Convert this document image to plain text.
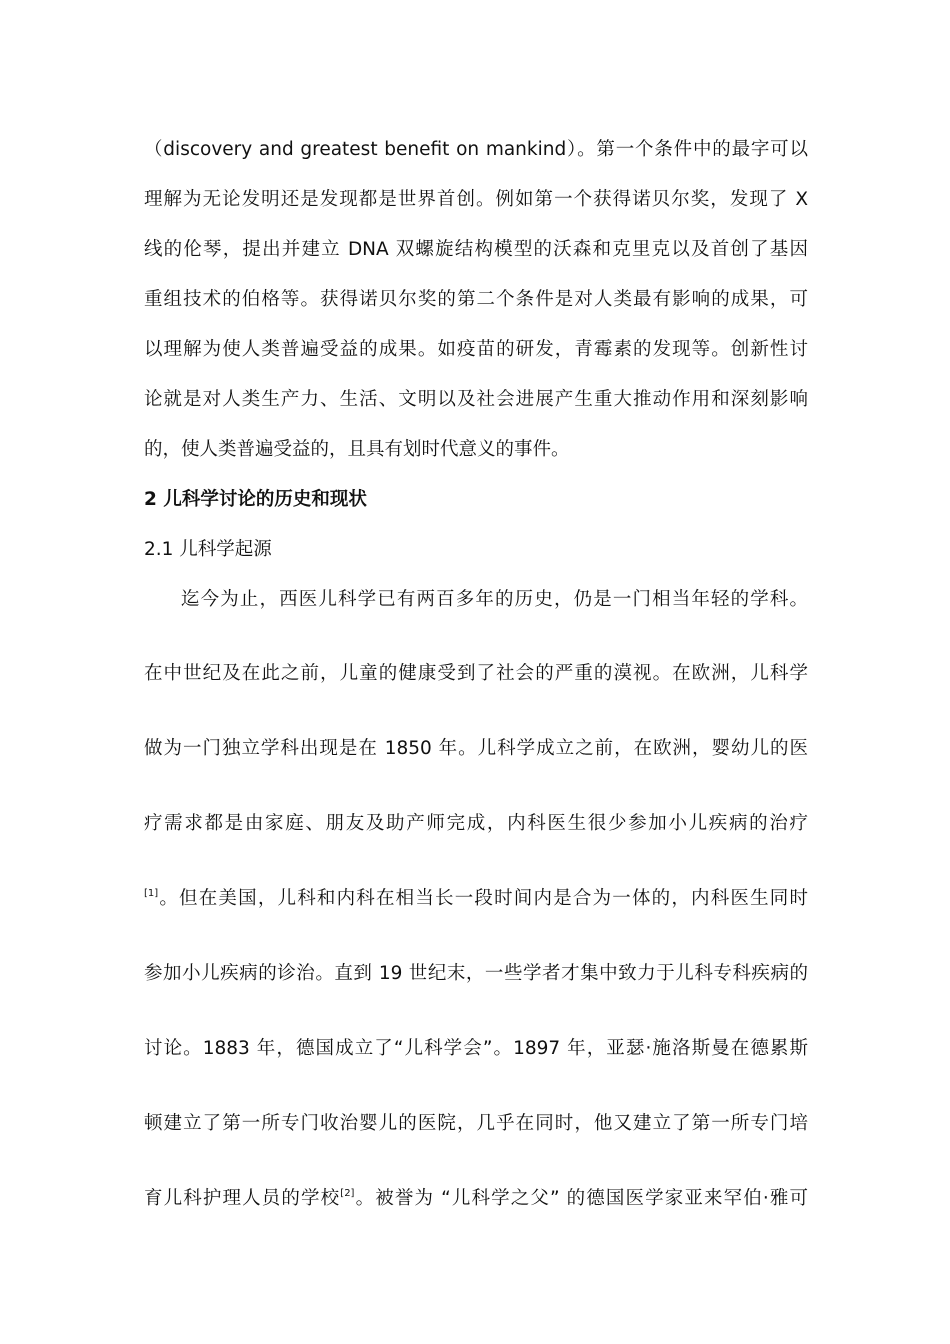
（discovery and greatest benefit on mankind）。第一个条件中的最字可以
理解为无论发明还是发现都是世界首创。例如第一个获得诺贝尔奖，发现了 X
线的伦琴，提出并建立 DNA 双螺旋结构模型的沃森和克里克以及首创了基因
重组技术的伯格等。获得诺贝尔奖的第二个条件是对人类最有影响的成果，可
以理解为使人类普遍受益的成果。如疫苗的研发，青霉素的发现等。创新性讨
论就是对人类生产力、生活、文明以及社会进展产生重大推动作用和深刻影响
的，使人类普遍受益的，且具有划时代意义的事件。
2 儿科学讨论的历史和现状
2.1 儿科学起源
迄今为止，西医儿科学已有两百多年的历史，仍是一门相当年轻的学科。
在中世纪及在此之前，儿童的健康受到了社会的严重的漠视。在欧洲，儿科学
做为一门独立学科出现是在 1850 年。儿科学成立之前，在欧洲，婴幼儿的医
疗需求都是由家庭、朋友及助产师完成，内科医生很少参加小儿疾病的治疗
[1]。但在美国，儿科和内科在相当长一段时间内是合为一体的，内科医生同时
参加小儿疾病的诊治。直到 19 世纪末，一些学者才集中致力于儿科专科疾病的
讨论。1883 年，德国成立了“儿科学会”。1897 年，亚瑟·施洛斯曼在德累斯
顿建立了第一所专门收治婴儿的医院，几乎在同时，他又建立了第一所专门培
育儿科护理人员的学校[2]。被誉为 “儿科学之父” 的德国医学家亚来罕伯·雅可
